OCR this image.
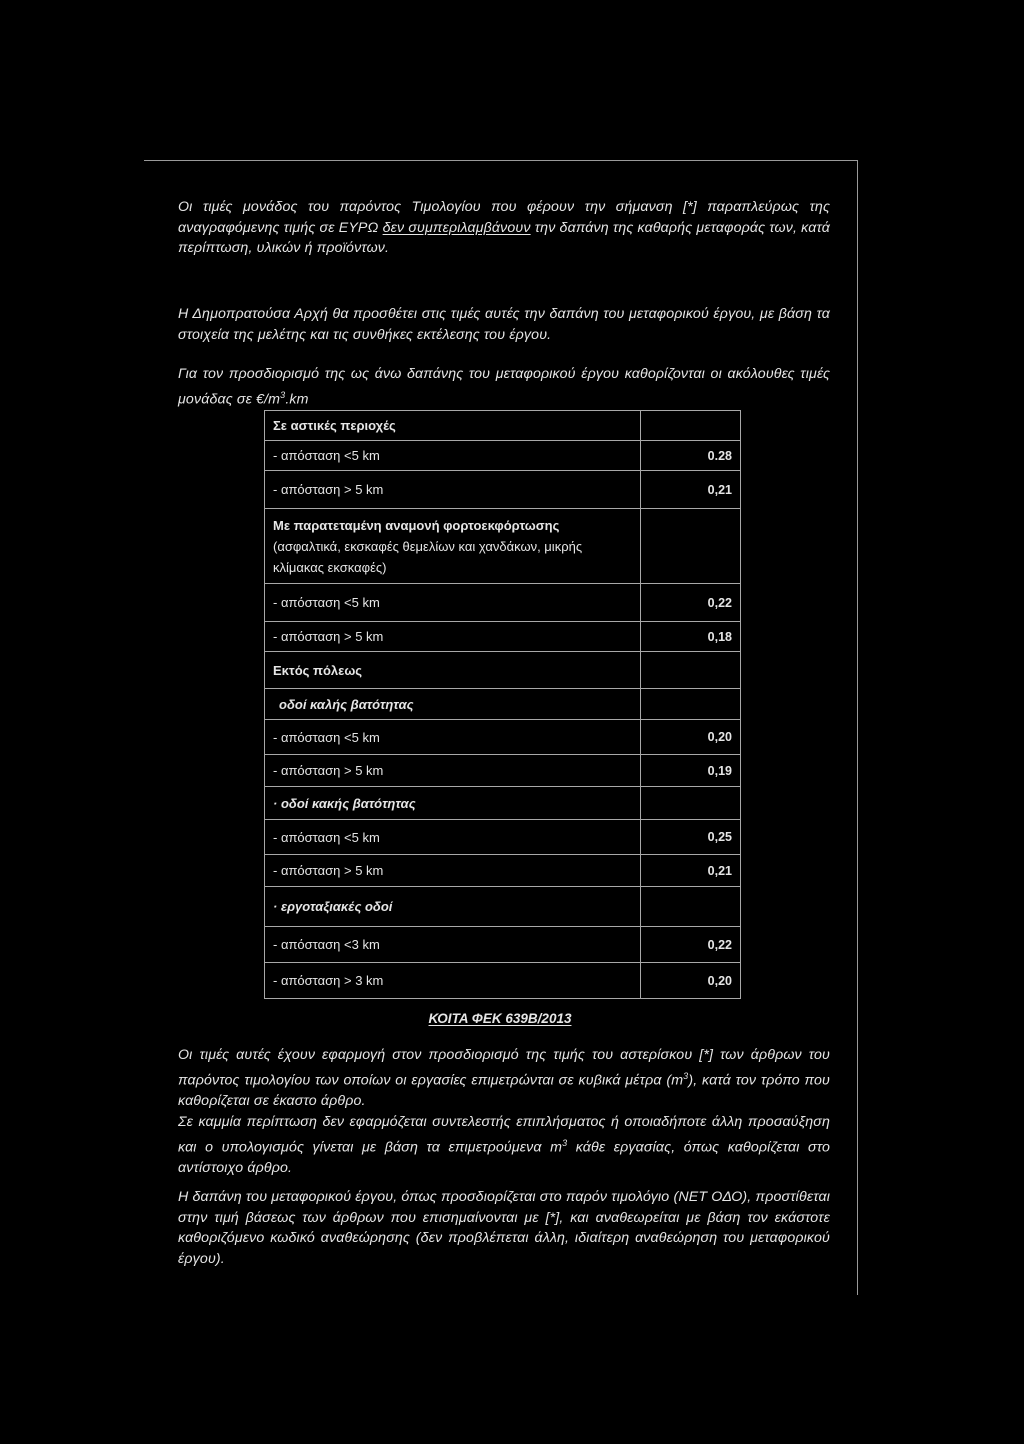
Οι τιμές μονάδος του παρόντος Τιμολογίου που φέρουν την σήμανση [*] παραπλεύρως της αναγραφόμενης τιμής σε ΕΥΡΩ δεν συμπεριλαμβάνουν την δαπάνη της καθαρής μεταφοράς των, κατά περίπτωση, υλικών ή προϊόντων.

Η Δημοπρατούσα Αρχή θα προσθέτει στις τιμές αυτές την δαπάνη του μεταφορικού έργου, με βάση τα στοιχεία της μελέτης και τις συνθήκες εκτέλεσης του έργου.

Για τον προσδιορισμό της ως άνω δαπάνης του μεταφορικού έργου καθορίζονται οι ακόλουθες τιμές μονάδας σε $€/m^3.km$

Σε αστικές περιοχές	
- απόσταση <5 km	0.28
- απόσταση > 5 km	0,21
Με παρατεταμένη αναμονή φορτοεκφόρτωσης
(ασφαλτικά, εκσκαφές θεμελίων και χανδάκων, μικρής κλίμακας εκσκαφές)	
- απόσταση <5 km	0,22
- απόσταση > 5 km	0,18
Εκτός πόλεως	
οδοί καλής βατότητας	
- απόσταση <5 km	0,20
- απόσταση > 5 km	0,19
· οδοί κακής βατότητας	
- απόσταση <5 km	0,25
- απόσταση > 5 km	0,21
· εργοταξιακές οδοί	
- απόσταση <3 km	0,22
- απόσταση > 3 km	0,20

ΚΟΙΤΑ ΦΕΚ 639Β/2013

Οι τιμές αυτές έχουν εφαρμογή στον προσδιορισμό της τιμής του αστερίσκου [*] των άρθρων του παρόντος τιμολογίου των οποίων οι εργασίες επιμετρώνται σε κυβικά μέτρα $(m^3)$, κατά τον τρόπο που καθορίζεται σε έκαστο άρθρο.

Σε καμμία περίπτωση δεν εφαρμόζεται συντελεστής επιπλήσματος ή οποιαδήποτε άλλη προσαύξηση και ο υπολογισμός γίνεται με βάση τα επιμετρούμενα $m^3$ κάθε εργασίας, όπως καθορίζεται στο αντίστοιχο άρθρο.

Η δαπάνη του μεταφορικού έργου, όπως προσδιορίζεται στο παρόν τιμολόγιο (ΝΕΤ ΟΔΟ), προστίθεται στην τιμή βάσεως των άρθρων που επισημαίνονται με [*], και αναθεωρείται με βάση τον εκάστοτε καθοριζόμενο κωδικό αναθεώρησης (δεν προβλέπεται άλλη, ιδιαίτερη αναθεώρηση του μεταφορικού έργου).
